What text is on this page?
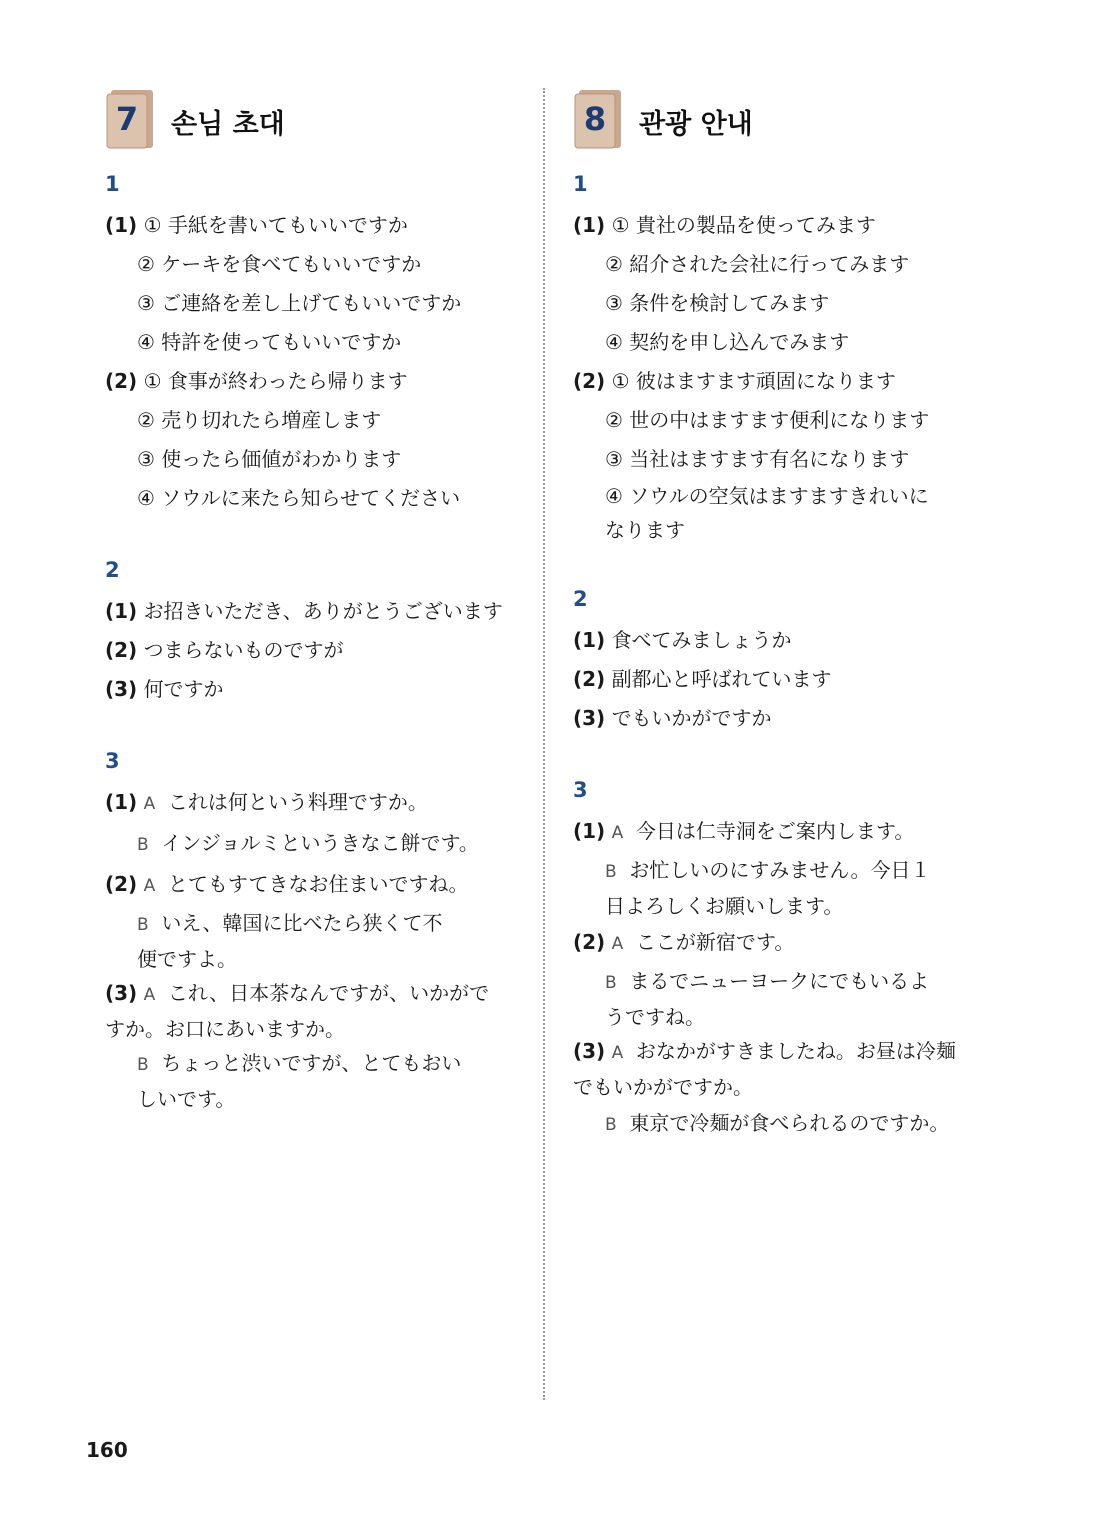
7	손님 초대
1
(1) ① 手紙を書いてもいいですか
② ケーキを食べてもいいですか
③ ご連絡を差し上げてもいいですか
④ 特許を使ってもいいですか
(2) ① 食事が終わったら帰ります
② 売り切れたら増産します
③ 使ったら価値がわかります
④ ソウルに来たら知らせてください
2
(1) お招きいただき、ありがとうございます
(2) つまらないものですが
(3) 何ですか
3
(1) A これは何という料理ですか。
B インジョルミというきなこ餅です。
(2) A とてもすてきなお住まいですね。
B いえ、韓国に比べたら狭くて不便ですよ。
(3) A これ、日本茶なんですが、いかがですか。お口にあいますか。
B ちょっと渋いですが、とてもおいしいです。
8	관광 안내
1
(1) ① 貴社の製品を使ってみます
② 紹介された会社に行ってみます
③ 条件を検討してみます
④ 契約を申し込んでみます
(2) ① 彼はますます頑固になります
② 世の中はますます便利になります
③ 当社はますます有名になります
④ ソウルの空気はますますきれいになります
2
(1) 食べてみましょうか
(2) 副都心と呼ばれています
(3) でもいかがですか
3
(1) A 今日は仁寺洞をご案内します。
B お忙しいのにすみません。今日１日よろしくお願いします。
(2) A ここが新宿です。
B まるでニューヨークにでもいるようですね。
(3) A おなかがすきましたね。お昼は冷麺でもいかがですか。
B 東京で冷麺が食べられるのですか。
160
